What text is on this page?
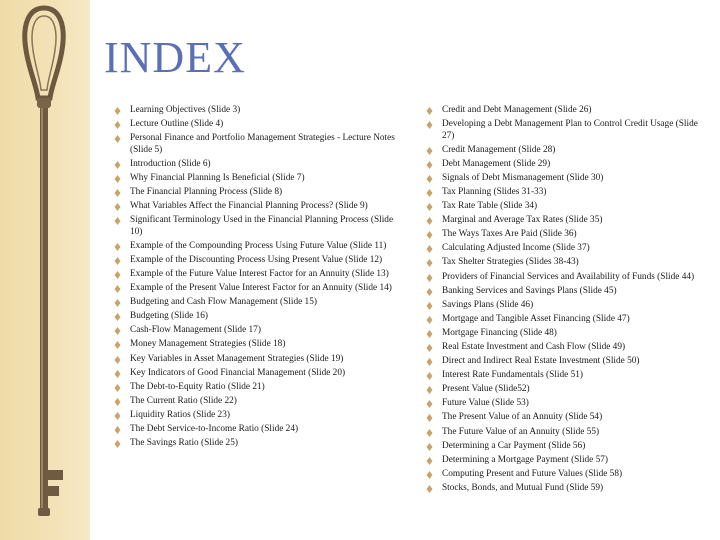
INDEX
Learning Objectives (Slide 3)
Lecture Outline (Slide 4)
Personal Finance and Portfolio Management Strategies - Lecture Notes (Slide 5)
Introduction (Slide 6)
Why Financial Planning Is Beneficial (Slide 7)
The Financial Planning Process (Slide 8)
What Variables Affect the Financial Planning Process? (Slide 9)
Significant Terminology Used in the Financial Planning Process (Slide 10)
Example of the Compounding Process Using Future Value (Slide 11)
Example of the Discounting Process Using Present Value (Slide 12)
Example of the Future Value Interest Factor for an Annuity (Slide 13)
Example of the Present Value Interest Factor for an Annuity (Slide 14)
Budgeting and Cash Flow Management (Slide 15)
Budgeting (Slide 16)
Cash-Flow Management (Slide 17)
Money Management Strategies (Slide 18)
Key Variables in Asset Management Strategies (Slide 19)
Key Indicators of Good Financial Management (Slide 20)
The Debt-to-Equity Ratio (Slide 21)
The Current Ratio (Slide 22)
Liquidity Ratios (Slide 23)
The Debt Service-to-Income Ratio (Slide 24)
The Savings Ratio (Slide 25)
Credit and Debt Management (Slide 26)
Developing a Debt Management Plan to Control Credit Usage (Slide 27)
Credit Management (Slide 28)
Debt Management (Slide 29)
Signals of Debt Mismanagement (Slide 30)
Tax Planning (Slides 31-33)
Tax Rate Table (Slide 34)
Marginal and Average Tax Rates (Slide 35)
The Ways Taxes Are Paid (Slide 36)
Calculating Adjusted Income (Slide 37)
Tax Shelter Strategies (Slides 38-43)
Providers of Financial Services and Availability of Funds (Slide 44)
Banking Services and Savings Plans (Slide 45)
Savings Plans (Slide 46)
Mortgage and Tangible Asset Financing (Slide 47)
Mortgage Financing (Slide 48)
Real Estate Investment and Cash Flow (Slide 49)
Direct and Indirect Real Estate Investment (Slide 50)
Interest Rate Fundamentals (Slide 51)
Present Value (Slide52)
Future Value (Slide 53)
The Present Value of an Annuity (Slide 54)
The Future Value of an Annuity (Slide 55)
Determining a Car Payment (Slide 56)
Determining a Mortgage Payment (Slide 57)
Computing Present and Future Values (Slide 58)
Stocks, Bonds, and Mutual Fund (Slide 59)
